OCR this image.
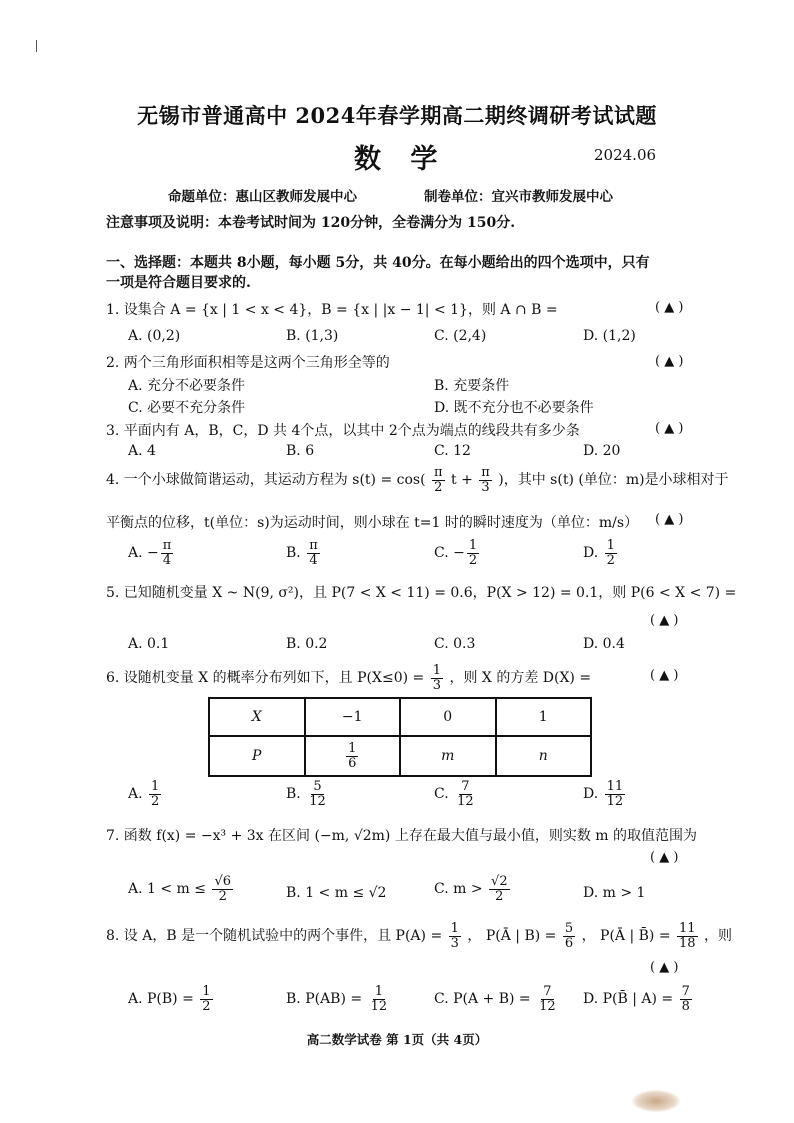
无锡市普通高中 2024年春学期高二期终调研考试试题
数 学	2024.06
命题单位：惠山区教师发展中心	制卷单位：宜兴市教师发展中心
注意事项及说明：本卷考试时间为 120分钟，全卷满分为 150分.
一、选择题：本题共 8小题，每小题 5分，共 40分。在每小题给出的四个选项中，只有
一项是符合题目要求的.
1. 设集合 A = {x | 1 < x < 4}，B = {x | |x − 1| < 1}，则 A ∩ B =	( ▲ )
A. (0,2)	B. (1,3)	C. (2,4)	D. (1,2)
2. 两个三角形面积相等是这两个三角形全等的	( ▲ )
A. 充分不必要条件	B. 充要条件
C. 必要不充分条件	D. 既不充分也不必要条件
3. 平面内有 A，B，C，D 共 4个点，以其中 2个点为端点的线段共有多少条	( ▲ )
A. 4	B. 6	C. 12	D. 20
4. 一个小球做简谐运动，其运动方程为 $s(t) = \cos( \frac{\pi}{2}$ $t + \frac{\pi}{3}$ )，其中 s(t) (单位：m)是小球相对于
平衡点的位移，t(单位：s)为运动时间，则小球在 t=1 时的瞬时速度为（单位：m/s） ( ▲ )
A. − $\frac{\pi}{4}$	B. $\frac{\pi}{4}$	C. − $\frac{1}{2}$	D. $\frac{1}{2}$
5. 已知随机变量 X ~ N(9, σ²)，且 P(7 < X < 11) = 0.6，P(X > 12) = 0.1，则 P(6 < X < 7) =
( ▲ )
A. 0.1	B. 0.2	C. 0.3	D. 0.4
6. 设随机变量 X 的概率分布列如下，且 $P(X\le 0) = \frac{1}{3}$ ，则 X 的方差 D(X) =	( ▲ )
X	−1	0	1
P	$\frac{1}{6}$	m	n
A. $\frac{1}{2}$	B. $\frac{5}{12}$	C. $\frac{7}{12}$	D. $\frac{11}{12}$
7. 函数 f(x) = −x³ + 3x 在区间 (−m, √2m) 上存在最大值与最小值，则实数 m 的取值范围为
( ▲ )
A. $1 < m \le \frac{√6}{2}$	B. 1 < m ≤ √2	C. $m > \frac{√2}{2}$	D. m > 1
8. 设 A，B 是一个随机试验中的两个事件，且 $P(A) = \frac{1}{3}$ ， P(Ā | $B) = \frac{5}{6}$ ， P(Ā | B̄) = $\frac{11}{18}$ ，则
( ▲ )
A. $P(B) = \frac{1}{2}$	B. $P(AB) = \frac{1}{12}$	C. $P(A + B) = \frac{7}{12} D$. P(B̄ | $A) = \frac{7}{8}$
高二数学试卷 第 1页（共 4页）
